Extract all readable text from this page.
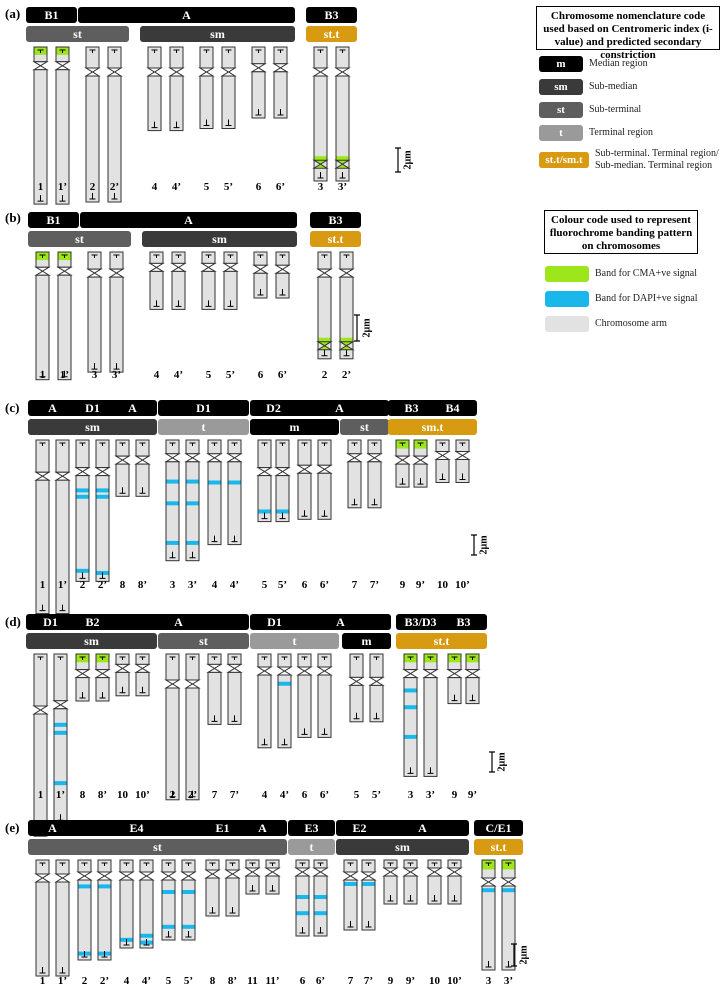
(a) B1	A	B3
st	sm	st.t
1 1’ 2 2’	4 4’ 5 5’ 6 6’	3 3’
2µm
(b) B1	A	B3
st	sm	st.t
1 1’ 3 3’	4 4’ 5 5’ 6 6’	2 2’
2µm
(c) A D1 A	D1	D2	A	B3 B4
sm	t	m	st	sm.t
1 1’ 2 2’ 8 8’ 3 3’ 4 4’ 5 5’ 6 6’ 7 7’ 9 9’ 10 10’
2µm
(d) D1 B2	A	D1	A	B3/D3 B3
sm	st	t	m	st.t
1 1’ 8 8’ 10 10’ 2 2’ 7 7’ 4 4’ 6 6’ 5 5’ 3 3’ 9 9’
2µm
(e) A	E4	E1 A	E3	E2	A	C/E1
st	t	sm	st.t
1 1’ 2 2’ 4 4’ 5 5’ 8 8’ 11 11’ 6 6’ 7 7’ 9 9’ 10 10’ 3 3’
2µm
Chromosome nomenclature code used based on Centromeric index (i-value) and predicted secondary constriction
Colour code used to represent fluorochrome banding pattern on chromosomes
m	Median region
sm	Sub-median
st	Sub-terminal
t	Terminal region
st.t/sm.t
Sub-terminal. Terminal region/ Sub-median. Terminal region
Band for CMA+ve signal
Band for DAPI+ve signal
Chromosome arm
